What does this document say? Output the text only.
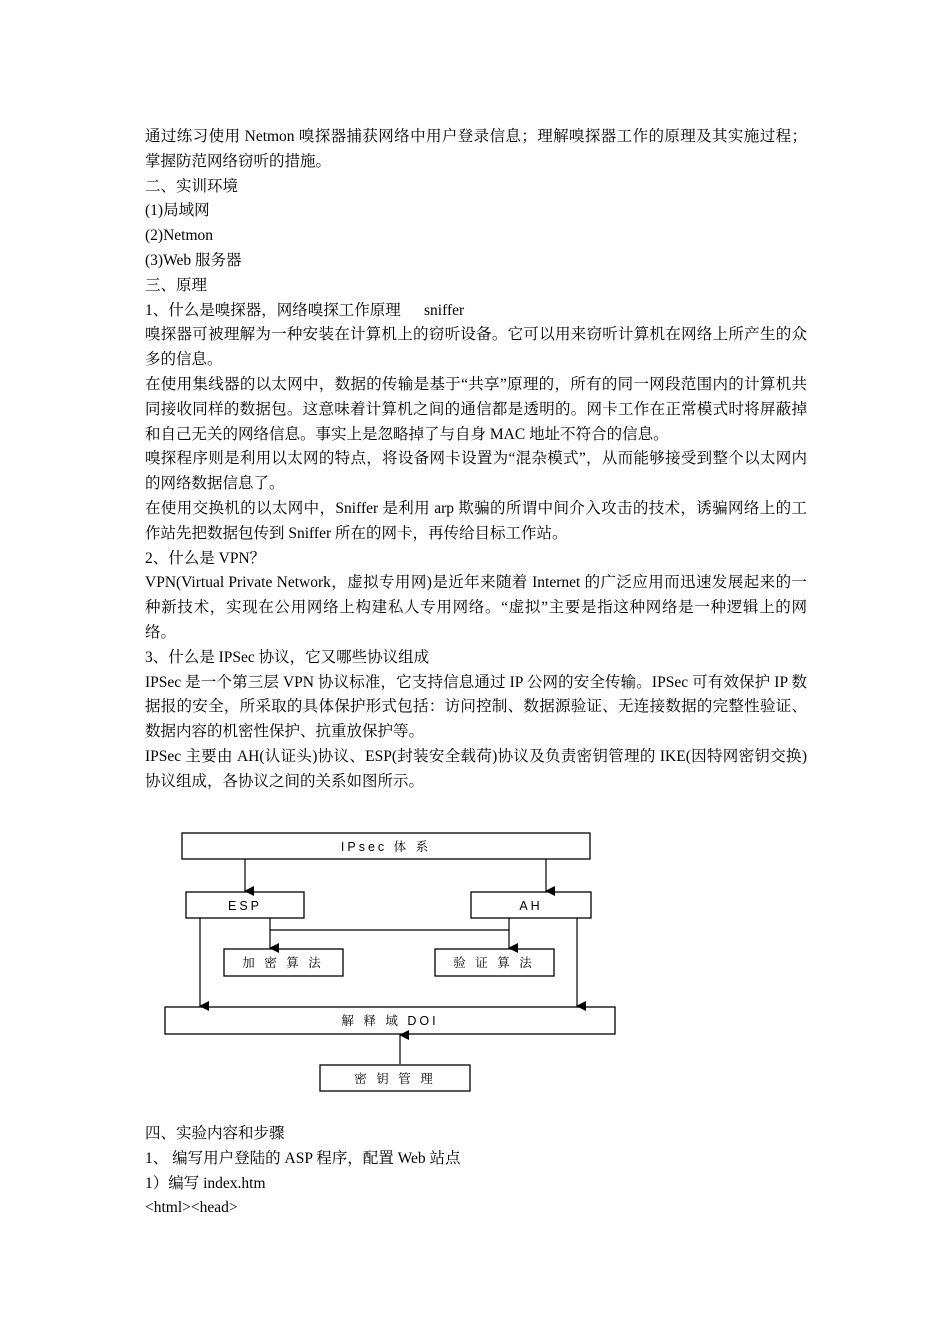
通过练习使用 Netmon 嗅探器捕获网络中用户登录信息；理解嗅探器工作的原理及其实施过程；掌握防范网络窃听的措施。

二、实训环境

(1)局域网

(2)Netmon

(3)Web 服务器

三、原理

1、什么是嗅探器，网络嗅探工作原理      sniffer

嗅探器可被理解为一种安装在计算机上的窃听设备。它可以用来窃听计算机在网络上所产生的众多的信息。

在使用集线器的以太网中，数据的传输是基于“共享”原理的，所有的同一网段范围内的计算机共同接收同样的数据包。这意味着计算机之间的通信都是透明的。网卡工作在正常模式时将屏蔽掉和自己无关的网络信息。事实上是忽略掉了与自身 MAC 地址不符合的信息。

嗅探程序则是利用以太网的特点，将设备网卡设置为“混杂模式”，从而能够接受到整个以太网内的网络数据信息了。

在使用交换机的以太网中，Sniffer 是利用 arp 欺骗的所谓中间介入攻击的技术，诱骗网络上的工作站先把数据包传到 Sniffer 所在的网卡，再传给目标工作站。

2、什么是 VPN？

VPN(Virtual Private Network，虚拟专用网)是近年来随着 Internet 的广泛应用而迅速发展起来的一种新技术，实现在公用网络上构建私人专用网络。“虚拟”主要是指这种网络是一种逻辑上的网络。

3、什么是 IPSec 协议，它又哪些协议组成

IPSec 是一个第三层 VPN 协议标准，它支持信息通过 IP 公网的安全传输。IPSec 可有效保护 IP 数据报的安全，所采取的具体保护形式包括：访问控制、数据源验证、无连接数据的完整性验证、数据内容的机密性保护、抗重放保护等。

IPSec 主要由 AH(认证头)协议、ESP(封装安全载荷)协议及负责密钥管理的 IKE(因特网密钥交换)协议组成，各协议之间的关系如图所示。

IPsec 体 系
ESP	AH
加 密 算 法	验 证 算 法
解 释 域 DOI
密 钥 管 理

四、实验内容和步骤

1、 编写用户登陆的 ASP 程序，配置 Web 站点

1）编写 index.htm

<html><head>
